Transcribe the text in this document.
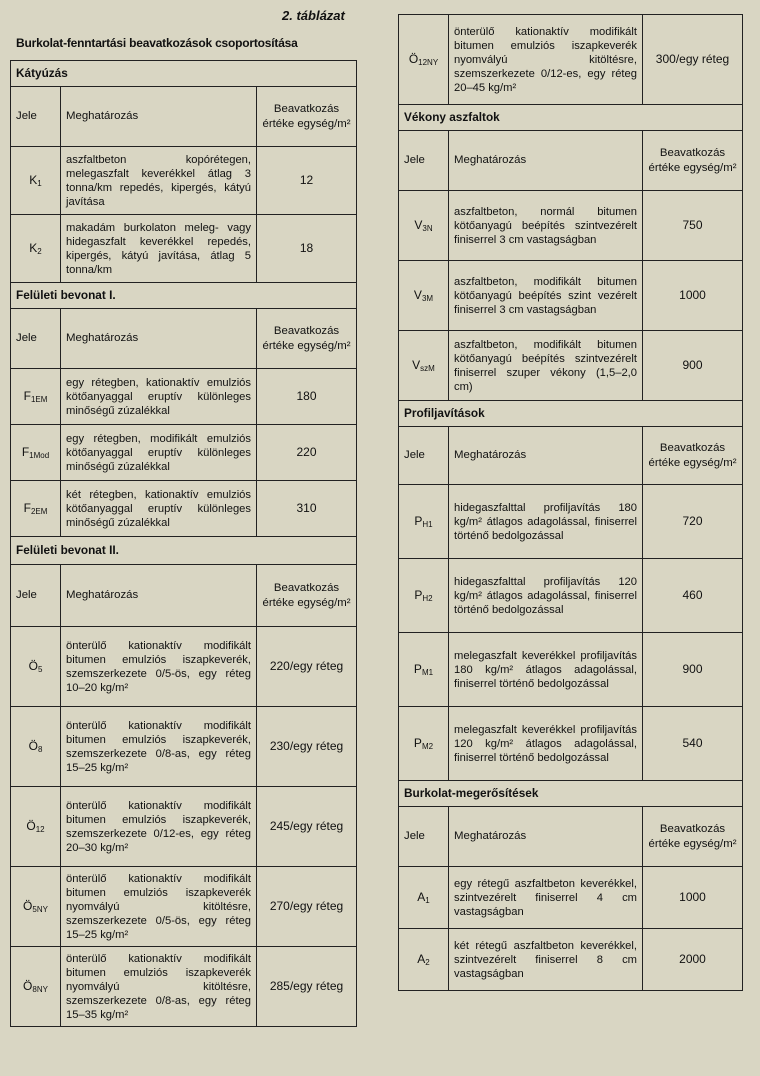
2. táblázat
Burkolat-fenntartási beavatkozások csoportosítása
Kátyúzás		
Jele	Meghatározás	Beavatkozás értéke egység/m²
$K_1$	aszfaltbeton kopórétegen, melegaszfalt keverékkel átlag 3 tonna/km repedés, kipergés, kátyú javítása	12
$K_2$	makadám burkolaton meleg- vagy hidegaszfalt keverékkel repedés, kipergés, kátyú javítása, átlag 5 tonna/km	18
Felületi bevonat I.		
Jele	Meghatározás	Beavatkozás értéke egység/m²
$F_{1EM}$	egy rétegben, kationaktív emulziós kötőanyaggal eruptív különleges minőségű zúzalékkal	180
$F_{1Mod}$	egy rétegben, modifikált emulziós kötőanyaggal eruptív különleges minőségű zúzalékkal	220
$F_{2EM}$	két rétegben, kationaktív emulziós kötőanyaggal eruptív különleges minőségű zúzalékkal	310
Felületi bevonat II.		
Jele	Meghatározás	Beavatkozás értéke egység/m²
$Ö_5$	önterülő kationaktív modifikált bitumen emulziós iszapkeverék, szemszerkezete 0/5-ös, egy réteg 10–20 kg/m²	220/egy réteg
$Ö_8$	önterülő kationaktív modifikált bitumen emulziós iszapkeverék, szemszerkezete 0/8-as, egy réteg 15–25 kg/m²	230/egy réteg
$Ö_{12}$	önterülő kationaktív modifikált bitumen emulziós iszapkeverék, szemszerkezete 0/12-es, egy réteg 20–30 kg/m²	245/egy réteg
$Ö_{5NY}$	önterülő kationaktív modifikált bitumen emulziós iszapkeverék nyomvályú kitöltésre, szemszerkezete 0/5-ös, egy réteg 15–25 kg/m²	270/egy réteg
$Ö_{8NY}$	önterülő kationaktív modifikált bitumen emulziós iszapkeverék nyomvályú kitöltésre, szemszerkezete 0/8-as, egy réteg 15–35 kg/m²	285/egy réteg
$Ö_{12NY}$	önterülő kationaktív modifikált bitumen emulziós iszapkeverék nyomvályú kitöltésre, szemszerkezete 0/12-es, egy réteg 20–45 kg/m²	300/egy réteg
Vékony aszfaltok		
Jele	Meghatározás	Beavatkozás értéke egység/m²
$V_{3N}$	aszfaltbeton, normál bitumen kötőanyagú beépítés szintvezérelt finiserrel 3 cm vastagságban	750
$V_{3M}$	aszfaltbeton, modifikált bitumen kötőanyagú beépítés szint vezérelt finiserrel 3 cm vastagságban	1000
$V_{szM}$	aszfaltbeton, modifikált bitumen kötőanyagú beépítés szintvezérelt finiserrel szuper vékony (1,5–2,0 cm)	900
Profiljavítások		
Jele	Meghatározás	Beavatkozás értéke egység/m²
$P_{H1}$	hidegaszfalttal profiljavítás 180 kg/m² átlagos adagolással, finiserrel történő bedolgozással	720
$P_{H2}$	hidegaszfalttal profiljavítás 120 kg/m² átlagos adagolással, finiserrel történő bedolgozással	460
$P_{M1}$	melegaszfalt keverékkel profiljavítás 180 kg/m² átlagos adagolással, finiserrel történő bedolgozással	900
$P_{M2}$	melegaszfalt keverékkel profiljavítás 120 kg/m² átlagos adagolással, finiserrel történő bedolgozással	540
Burkolat-megerősítések		
Jele	Meghatározás	Beavatkozás értéke egység/m²
$A_1$	egy rétegű aszfaltbeton keverékkel, szintvezérelt finiserrel 4 cm vastagságban	1000
$A_2$	két rétegű aszfaltbeton keverékkel, szintvezérelt finiserrel 8 cm vastagságban	2000
